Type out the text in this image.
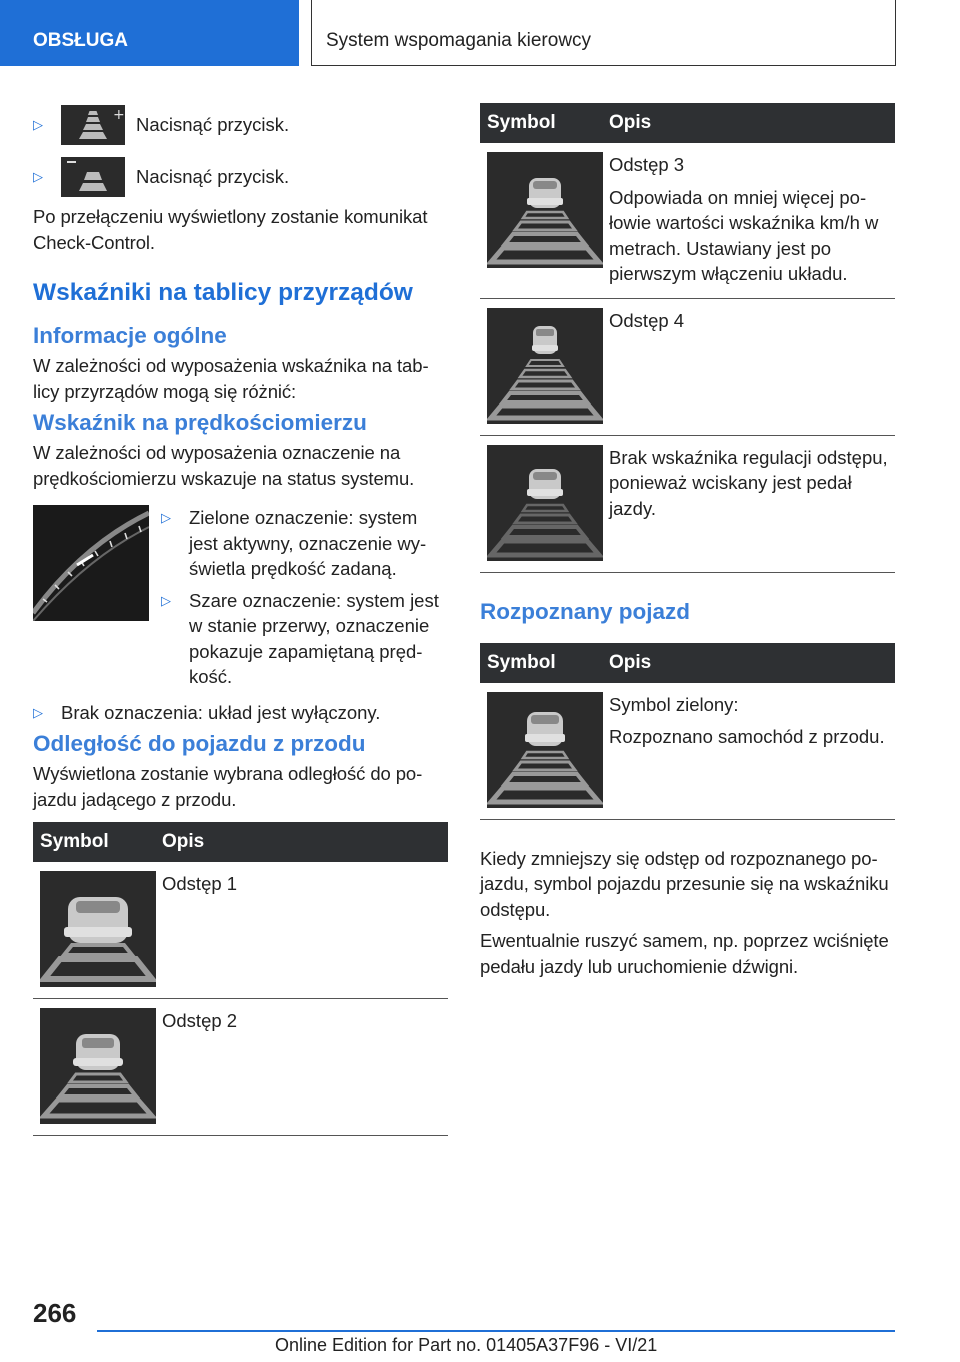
OBSŁUGA	System wspomagania kierowcy
▷
+ Nacisnąć przycisk.
▷	Nacisnąć przycisk.

Po przełączeniu wyświetlony zostanie komunikat Check-Control.

Wskaźniki na tablicy przyrządów
Informacje ogólne

W zależności od wyposażenia wskaźnika na tablicy przyrządów mogą się różnić:

Wskaźnik na prędkościomierzu

W zależności od wyposażenia oznaczenie na prędkościomierzu wskazuje na status systemu.

▷ Zielone oznaczenie: system jest aktywny, oznaczenie wyświetla prędkość zadaną.
▷ Szare oznaczenie: system jest w stanie przerwy, oznaczenie pokazuje zapamiętaną prędkość.
▷ Brak oznaczenia: układ jest wyłączony.
Odległość do pojazdu z przodu

Wyświetlona zostanie wybrana odległość do pojazdu jadącego z przodu.

Symbol	Opis

Odstęp 1

Odstęp 2
Symbol	Opis

Odstęp 3
Odpowiada on mniej więcej połowie wartości wskaźnika km/h w metrach. Ustawiany jest po pierwszym włączeniu układu.

Odstęp 4

Brak wskaźnika regulacji odstępu, ponieważ wciskany jest pedał jazdy.
Rozpoznany pojazd
Symbol	Opis

Symbol zielony:
Rozpoznano samochód z przodu.

Kiedy zmniejszy się odstęp od rozpoznanego pojazdu, symbol pojazdu przesunie się na wskaźniku odstępu.

Ewentualnie ruszyć samem, np. poprzez wciśnięte pedału jazdy lub uruchomienie dźwigni.

266
Online Edition for Part no. 01405A37F96 - VI/21
